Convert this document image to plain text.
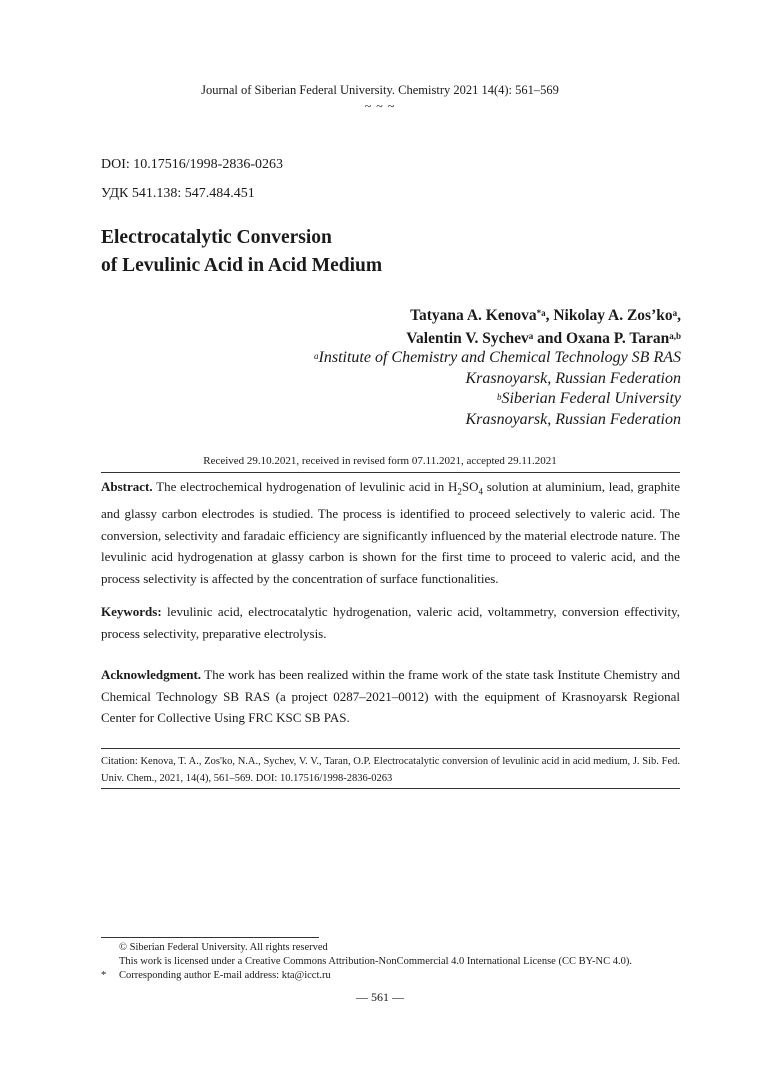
Journal of Siberian Federal University. Chemistry 2021 14(4): 561–569
~ ~ ~
DOI: 10.17516/1998-2836-0263
УДК 541.138: 547.484.451
Electrocatalytic Conversion
of Levulinic Acid in Acid Medium
Tatyana A. Kenova$^{*a}$, Nikolay A. $Zos’ko^a$,
Valentin V. Sychev$^a$ and Oxana P. Taran$^{a,b}$
$^a$Institute of Chemistry and Chemical Technology SB RAS
Krasnoyarsk, Russian Federation
$^b$Siberian Federal University
Krasnoyarsk, Russian Federation
Received 29.10.2021, received in revised form 07.11.2021, accepted 29.11.2021
Abstract. The electrochemical hydrogenation of levulinic acid in $H_2SO_4$ solution at aluminium, lead, graphite and glassy carbon electrodes is studied. The process is identified to proceed selectively to valeric acid. The conversion, selectivity and faradaic efficiency are significantly influenced by the material electrode nature. The levulinic acid hydrogenation at glassy carbon is shown for the first time to proceed to valeric acid, and the process selectivity is affected by the concentration of surface functionalities.
Keywords: levulinic acid, electrocatalytic hydrogenation, valeric acid, voltammetry, conversion effectivity, process selectivity, preparative electrolysis.
Acknowledgment. The work has been realized within the frame work of the state task Institute Chemistry and Chemical Technology SB RAS (a project 0287–2021–0012) with the equipment of Krasnoyarsk Regional Center for Collective Using FRC KSC SB PAS.
Citation: Kenova, T. A., Zos'ko, N.A., Sychev, V. V., Taran, O.P. Electrocatalytic conversion of levulinic acid in acid medium, J. Sib. Fed. Univ. Chem., 2021, 14(4), 561–569. DOI: 10.17516/1998-2836-0263
© Siberian Federal University. All rights reserved
This work is licensed under a Creative Commons Attribution-NonCommercial 4.0 International License (CC BY-NC 4.0).
* Corresponding author E-mail address: kta@icct.ru
— 561 —
